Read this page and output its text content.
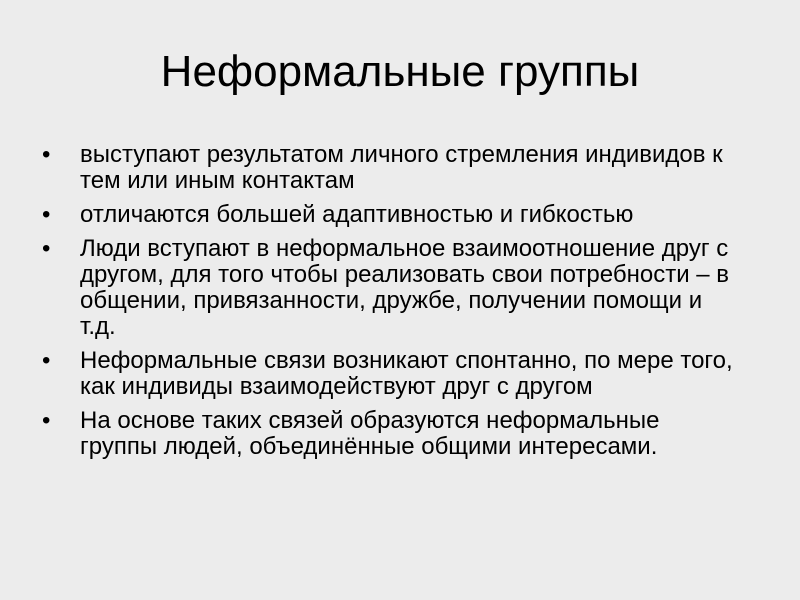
Неформальные группы
•	выступают результатом личного стремления индивидов к тем или иным контактам
•	отличаются большей адаптивностью и гибкостью
•	Люди вступают в неформальное взаимоотношение друг с другом, для того чтобы реализовать свои потребности – в общении, привязанности, дружбе, получении помощи и т.д.
•	Неформальные связи возникают спонтанно, по мере того, как индивиды взаимодействуют друг с другом
•	На основе таких связей образуются неформальные группы людей, объединённые общими интересами.
